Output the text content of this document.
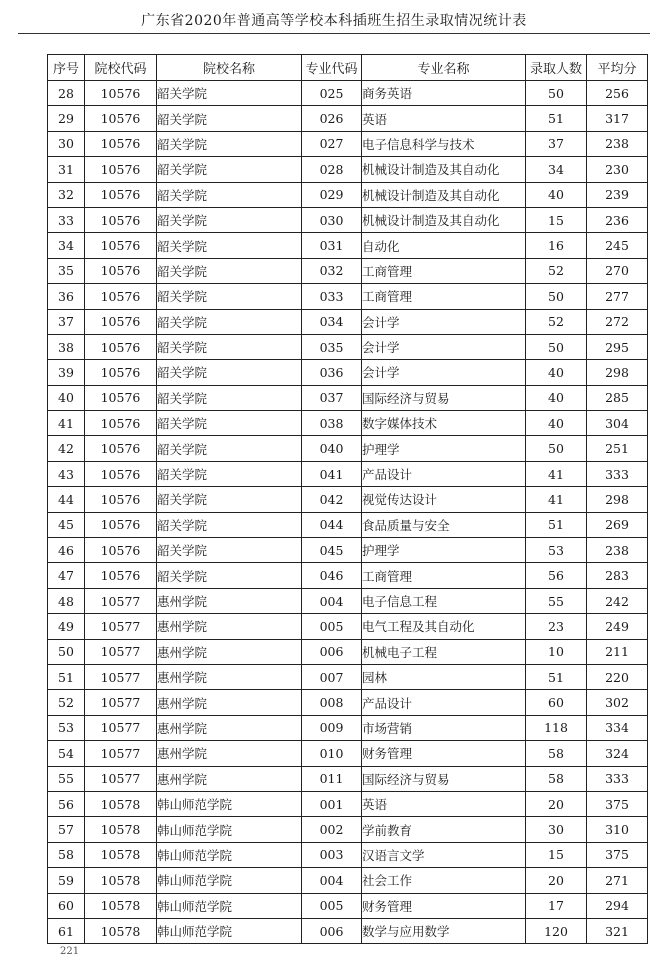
广东省2020年普通高等学校本科插班生招生录取情况统计表
序号	院校代码	院校名称	专业代码	专业名称	录取人数	平均分
28	10576	韶关学院	025	商务英语	50	256
29	10576	韶关学院	026	英语	51	317
30	10576	韶关学院	027	电子信息科学与技术	37	238
31	10576	韶关学院	028	机械设计制造及其自动化	34	230
32	10576	韶关学院	029	机械设计制造及其自动化	40	239
33	10576	韶关学院	030	机械设计制造及其自动化	15	236
34	10576	韶关学院	031	自动化	16	245
35	10576	韶关学院	032	工商管理	52	270
36	10576	韶关学院	033	工商管理	50	277
37	10576	韶关学院	034	会计学	52	272
38	10576	韶关学院	035	会计学	50	295
39	10576	韶关学院	036	会计学	40	298
40	10576	韶关学院	037	国际经济与贸易	40	285
41	10576	韶关学院	038	数字媒体技术	40	304
42	10576	韶关学院	040	护理学	50	251
43	10576	韶关学院	041	产品设计	41	333
44	10576	韶关学院	042	视觉传达设计	41	298
45	10576	韶关学院	044	食品质量与安全	51	269
46	10576	韶关学院	045	护理学	53	238
47	10576	韶关学院	046	工商管理	56	283
48	10577	惠州学院	004	电子信息工程	55	242
49	10577	惠州学院	005	电气工程及其自动化	23	249
50	10577	惠州学院	006	机械电子工程	10	211
51	10577	惠州学院	007	园林	51	220
52	10577	惠州学院	008	产品设计	60	302
53	10577	惠州学院	009	市场营销	118	334
54	10577	惠州学院	010	财务管理	58	324
55	10577	惠州学院	011	国际经济与贸易	58	333
56	10578	韩山师范学院	001	英语	20	375
57	10578	韩山师范学院	002	学前教育	30	310
58	10578	韩山师范学院	003	汉语言文学	15	375
59	10578	韩山师范学院	004	社会工作	20	271
60	10578	韩山师范学院	005	财务管理	17	294
61	10578	韩山师范学院	006	数学与应用数学	120	321
221
